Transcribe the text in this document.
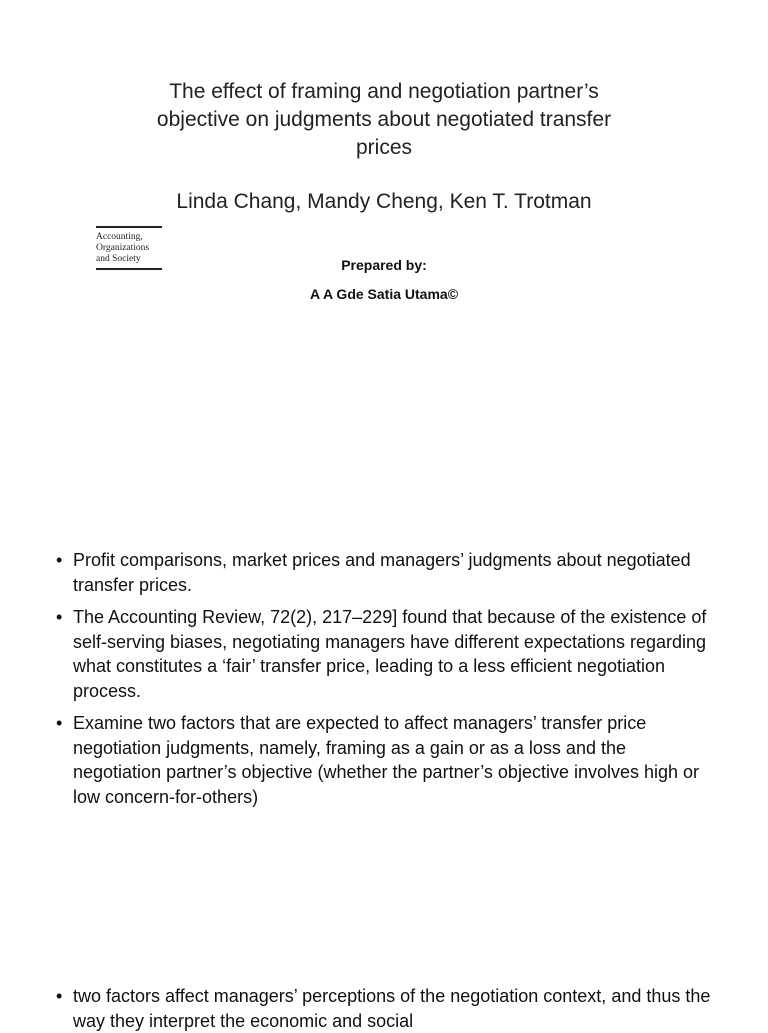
The effect of framing and negotiation partner’s
objective on judgments about negotiated transfer
prices
Linda Chang, Mandy Cheng, Ken T. Trotman
Accounting,
Organizations
and Society	Prepared by:
A A Gde Satia Utama©
• Profit comparisons, market prices and managers’ judgments about negotiated transfer prices.
• The Accounting Review, 72(2), 217–229] found that because of the existence of self-serving biases, negotiating managers have different expectations regarding what constitutes a ‘fair’ transfer price, leading to a less efficient negotiation process.
• Examine two factors that are expected to affect managers’ transfer price negotiation judgments, namely, framing as a gain or as a loss and the negotiation partner’s objective (whether the partner’s objective involves high or low concern-for-others)
• two factors affect managers’ perceptions of the negotiation context, and thus the way they interpret the economic and social
